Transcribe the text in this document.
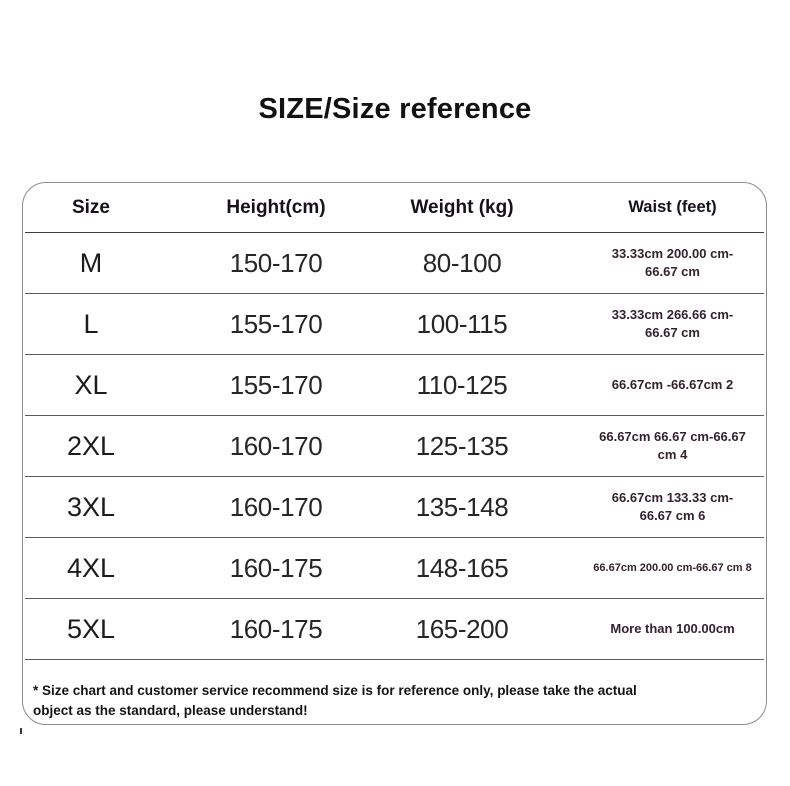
SIZE/Size reference
Size	Height(cm)	Weight (kg)	Waist (feet)
M	150-170	80-100	33.33cm 200.00 cm-66.67 cm
L	155-170	100-115	33.33cm 266.66 cm-66.67 cm
XL	155-170	110-125	66.67cm -66.67cm 2
2XL	160-170	125-135	66.67cm 66.67 cm-66.67 cm 4
3XL	160-170	135-148	66.67cm 133.33 cm-66.67 cm 6
4XL	160-175	148-165	66.67cm 200.00 cm-66.67 cm 8
5XL	160-175	165-200	More than 100.00cm
* Size chart and customer service recommend size is for reference only, please take the actual
object as the standard, please understand!
